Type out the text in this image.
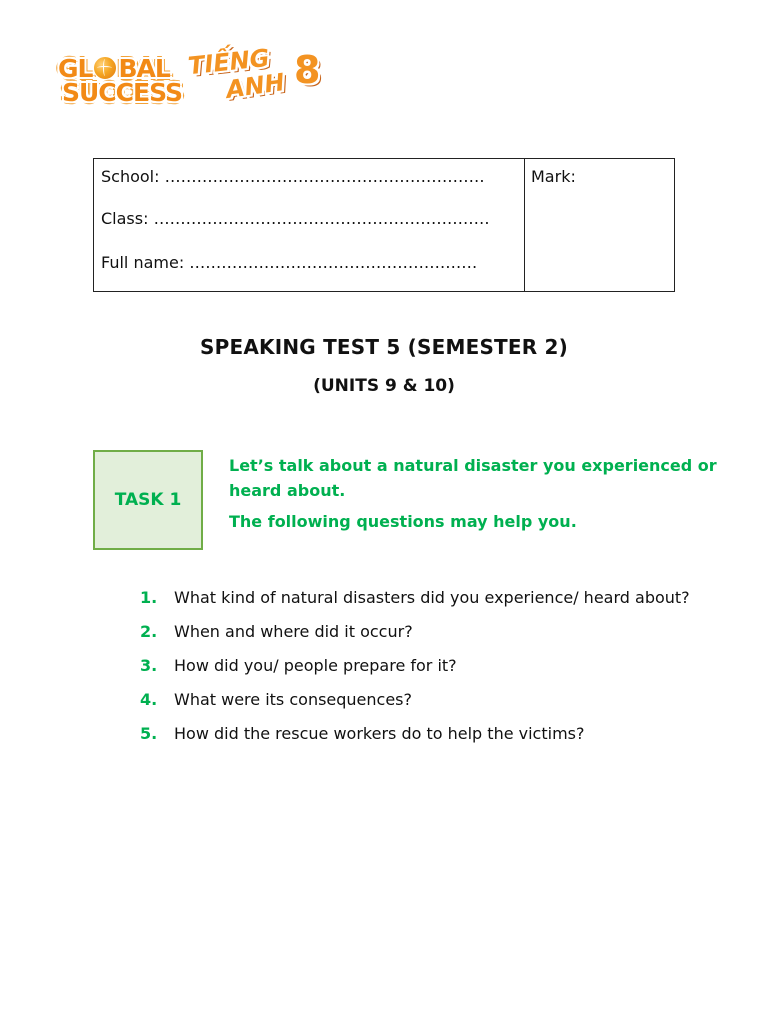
GL BAL
SUCCESS
TIẾNG
ANH 8
School: ……………………………………………………
Class: ………………………………………………………
Full name: ………………………………………………

Mark:
SPEAKING TEST 5 (SEMESTER 2)
(UNITS 9 & 10)
TASK 1
Let’s talk about a natural disaster you experienced or heard about.
The following questions may help you.
1. What kind of natural disasters did you experience/ heard about?
2. When and where did it occur?
3. How did you/ people prepare for it?
4. What were its consequences?
5. How did the rescue workers do to help the victims?
